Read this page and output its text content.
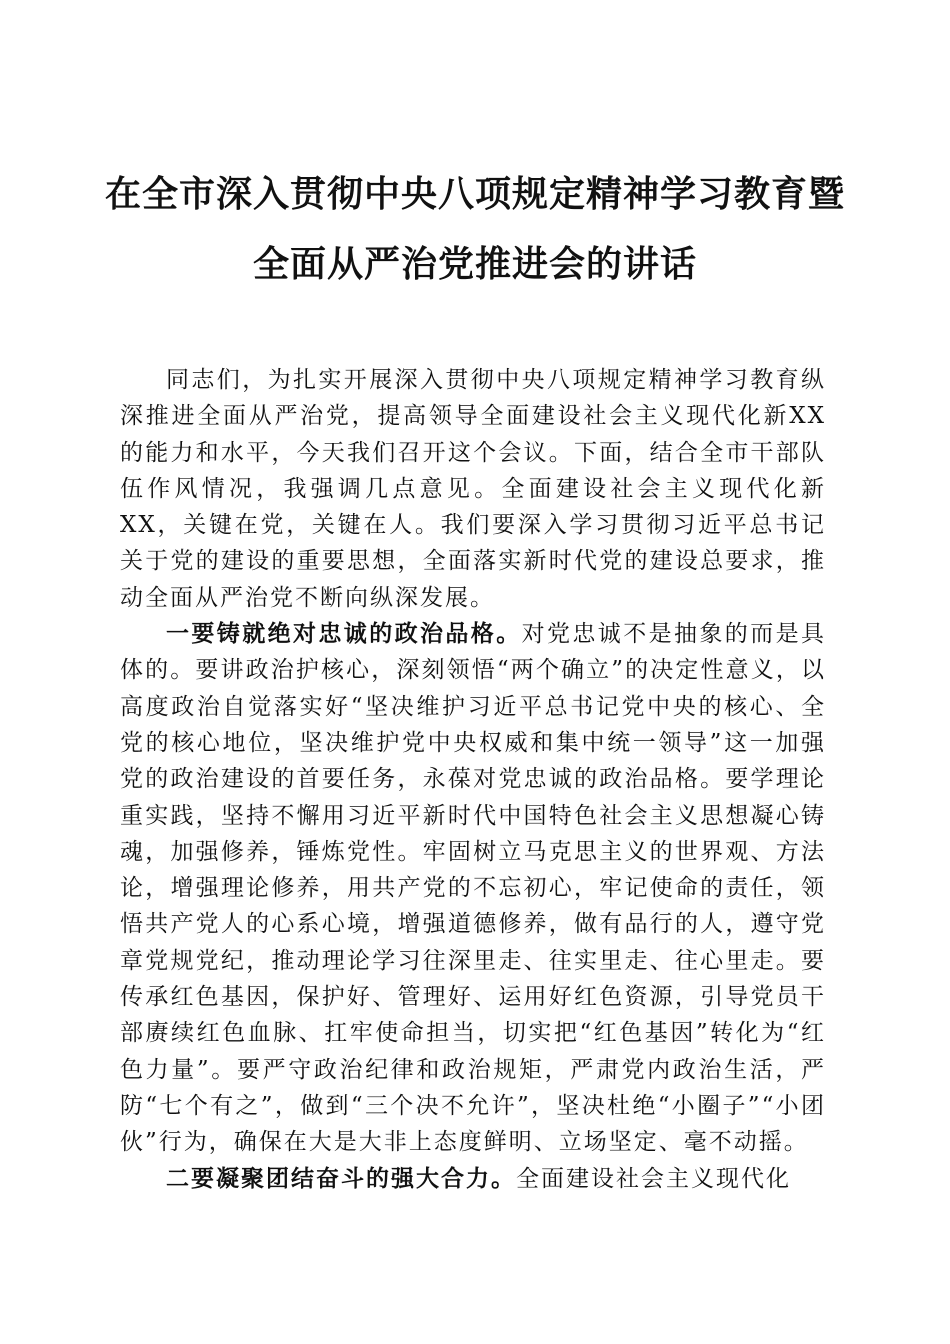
在全市深入贯彻中央八项规定精神学习教育暨
全面从严治党推进会的讲话

同志们，为扎实开展深入贯彻中央八项规定精神学习教育纵深推进全面从严治党，提高领导全面建设社会主义现代化新XX的能力和水平，今天我们召开这个会议。下面，结合全市干部队伍作风情况，我强调几点意见。全面建设社会主义现代化新XX，关键在党，关键在人。我们要深入学习贯彻习近平总书记关于党的建设的重要思想，全面落实新时代党的建设总要求，推动全面从严治党不断向纵深发展。

一要铸就绝对忠诚的政治品格。对党忠诚不是抽象的而是具体的。要讲政治护核心，深刻领悟“两个确立”的决定性意义，以高度政治自觉落实好“坚决维护习近平总书记党中央的核心、全党的核心地位，坚决维护党中央权威和集中统一领导”这一加强党的政治建设的首要任务，永葆对党忠诚的政治品格。要学理论重实践，坚持不懈用习近平新时代中国特色社会主义思想凝心铸魂，加强修养，锤炼党性。牢固树立马克思主义的世界观、方法论，增强理论修养，用共产党的不忘初心，牢记使命的责任，领悟共产党人的心系心境，增强道德修养，做有品行的人，遵守党章党规党纪，推动理论学习往深里走、往实里走、往心里走。要传承红色基因，保护好、管理好、运用好红色资源，引导党员干部赓续红色血脉、扛牢使命担当，切实把“红色基因”转化为“红色力量”。要严守政治纪律和政治规矩，严肃党内政治生活，严防“七个有之”，做到“三个决不允许”，坚决杜绝“小圈子”“小团伙”行为，确保在大是大非上态度鲜明、立场坚定、毫不动摇。

二要凝聚团结奋斗的强大合力。全面建设社会主义现代化
